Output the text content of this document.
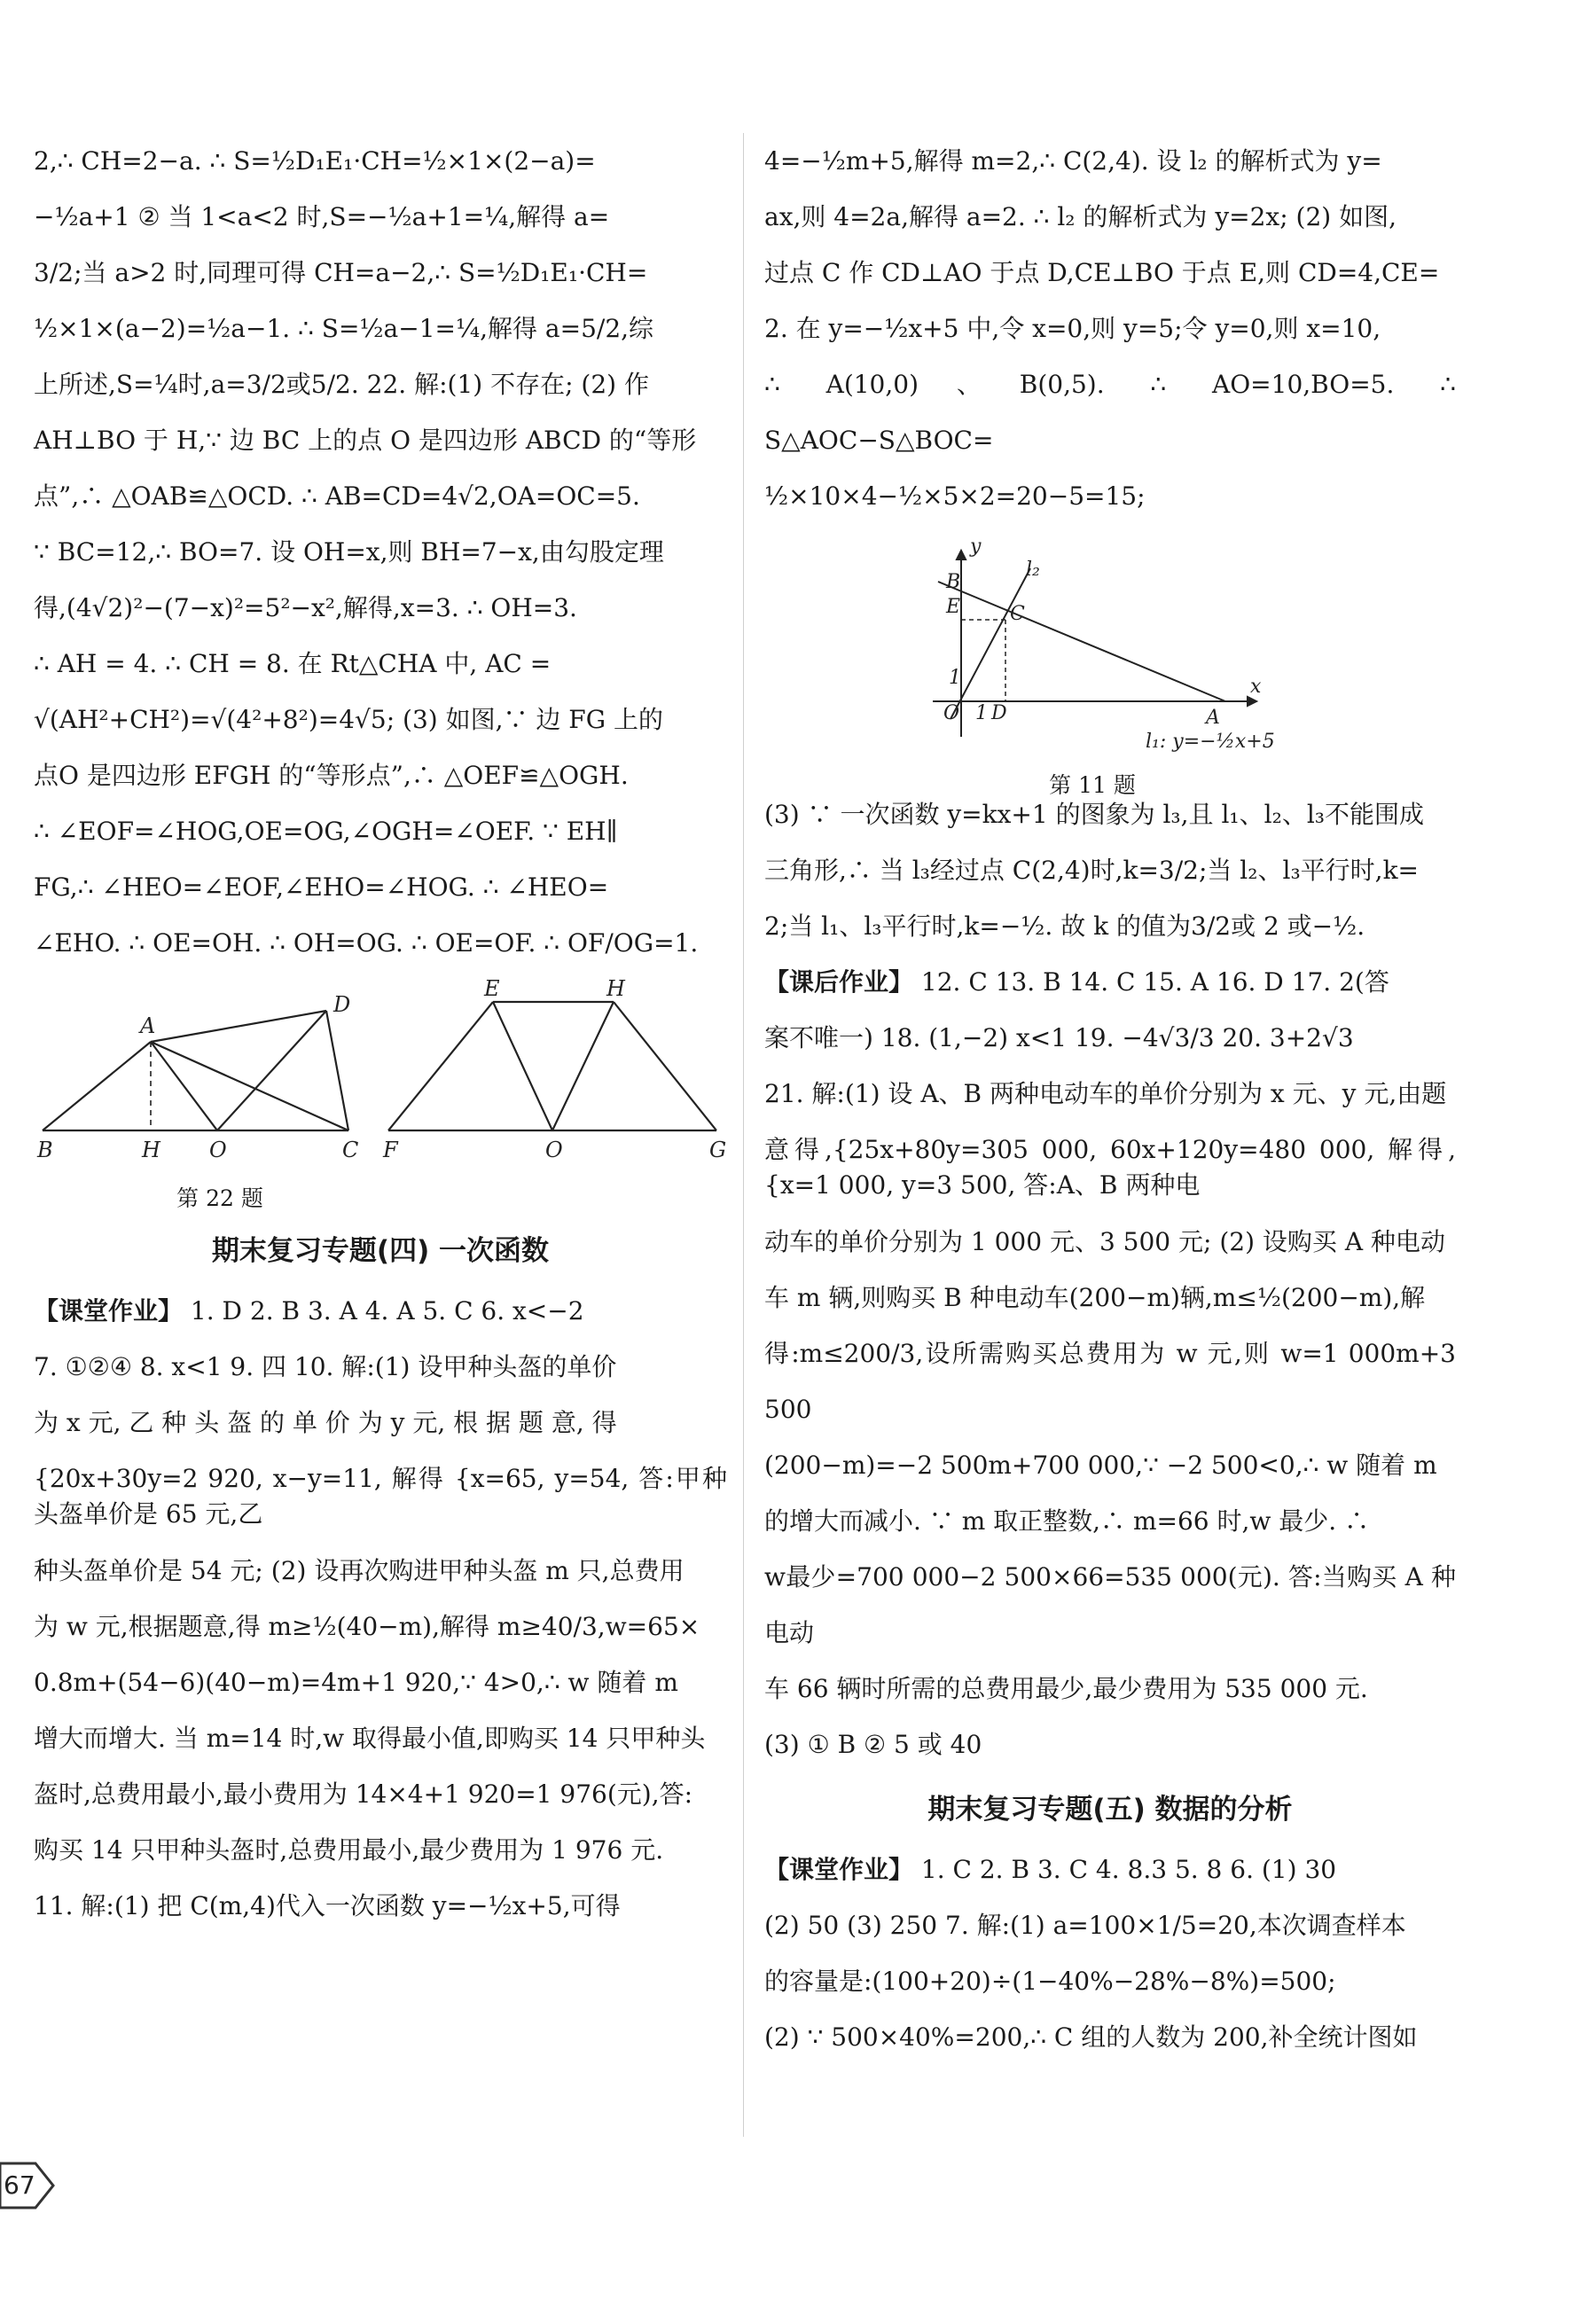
2,∴ CH=2−a. ∴ S=½D₁E₁·CH=½×1×(2−a)=
−½a+1 ② 当 1<a<2 时,S=−½a+1=¼,解得 a=
3/2;当 a>2 时,同理可得 CH=a−2,∴ S=½D₁E₁·CH=
½×1×(a−2)=½a−1. ∴ S=½a−1=¼,解得 a=5/2,综
上所述,S=¼时,a=3/2或5/2. 22. 解:(1) 不存在; (2) 作
AH⊥BO 于 H,∵ 边 BC 上的点 O 是四边形 ABCD 的“等形
点”,∴ △OAB≌△OCD. ∴ AB=CD=4√2,OA=OC=5.
∵ BC=12,∴ BO=7. 设 OH=x,则 BH=7−x,由勾股定理
得,(4√2)²−(7−x)²=5²−x²,解得,x=3. ∴ OH=3.
∴ AH = 4. ∴ CH = 8. 在 Rt△CHA 中, AC =
√(AH²+CH²)=√(4²+8²)=4√5; (3) 如图,∵ 边 FG 上的
点O 是四边形 EFGH 的“等形点”,∴ △OEF≌△OGH.
∴ ∠EOF=∠HOG,OE=OG,∠OGH=∠OEF. ∵ EH∥
FG,∴ ∠HEO=∠EOF,∠EHO=∠HOG. ∴ ∠HEO=
∠EHO. ∴ OE=OH. ∴ OH=OG. ∴ OE=OF. ∴ OF/OG=1.
A
D
B	H O	C
E	H
F	O	G
第 22 题
期末复习专题(四) 一次函数
【课堂作业】 1. D 2. B 3. A 4. A 5. C 6. x<−2
7. ①②④ 8. x<1 9. 四 10. 解:(1) 设甲种头盔的单价
为 x 元, 乙 种 头 盔 的 单 价 为 y 元, 根 据 题 意, 得
{20x+30y=2 920, x−y=11, 解得 {x=65, y=54, 答:甲种头盔单价是 65 元,乙
种头盔单价是 54 元; (2) 设再次购进甲种头盔 m 只,总费用
为 w 元,根据题意,得 m≥½(40−m),解得 m≥40/3,w=65×
0.8m+(54−6)(40−m)=4m+1 920,∵ 4>0,∴ w 随着 m
增大而增大. 当 m=14 时,w 取得最小值,即购买 14 只甲种头
盔时,总费用最小,最小费用为 14×4+1 920=1 976(元),答:
购买 14 只甲种头盔时,总费用最小,最少费用为 1 976 元.
11. 解:(1) 把 C(m,4)代入一次函数 y=−½x+5,可得
4=−½m+5,解得 m=2,∴ C(2,4). 设 l₂ 的解析式为 y=
ax,则 4=2a,解得 a=2. ∴ l₂ 的解析式为 y=2x; (2) 如图,
过点 C 作 CD⊥AO 于点 D,CE⊥BO 于点 E,则 CD=4,CE=
2. 在 y=−½x+5 中,令 x=0,则 y=5;令 y=0,则 x=10,
∴ A(10,0)、B(0,5). ∴ AO=10,BO=5. ∴ S△AOC−S△BOC=
½×10×4−½×5×2=20−5=15;
y
B
l₂
E	C
1
O 1 D	A
x
l₁: y=−½x+5
第 11 题
(3) ∵ 一次函数 y=kx+1 的图象为 l₃,且 l₁、l₂、l₃不能围成
三角形,∴ 当 l₃经过点 C(2,4)时,k=3/2;当 l₂、l₃平行时,k=
2;当 l₁、l₃平行时,k=−½. 故 k 的值为3/2或 2 或−½.
【课后作业】 12. C 13. B 14. C 15. A 16. D 17. 2(答
案不唯一) 18. (1,−2) x<1 19. −4√3/3 20. 3+2√3
21. 解:(1) 设 A、B 两种电动车的单价分别为 x 元、y 元,由题
意得,{25x+80y=305 000, 60x+120y=480 000, 解得,{x=1 000, y=3 500, 答:A、B 两种电
动车的单价分别为 1 000 元、3 500 元; (2) 设购买 A 种电动
车 m 辆,则购买 B 种电动车(200−m)辆,m≤½(200−m),解
得:m≤200/3,设所需购买总费用为 w 元,则 w=1 000m+3 500
(200−m)=−2 500m+700 000,∵ −2 500<0,∴ w 随着 m
的增大而减小. ∵ m 取正整数,∴ m=66 时,w 最少. ∴
w最少=700 000−2 500×66=535 000(元). 答:当购买 A 种电动
车 66 辆时所需的总费用最少,最少费用为 535 000 元.
(3) ① B ② 5 或 40
期末复习专题(五) 数据的分析
【课堂作业】 1. C 2. B 3. C 4. 8.3 5. 8 6. (1) 30
(2) 50 (3) 250 7. 解:(1) a=100×1/5=20,本次调查样本
的容量是:(100+20)÷(1−40%−28%−8%)=500;
(2) ∵ 500×40%=200,∴ C 组的人数为 200,补全统计图如
67
